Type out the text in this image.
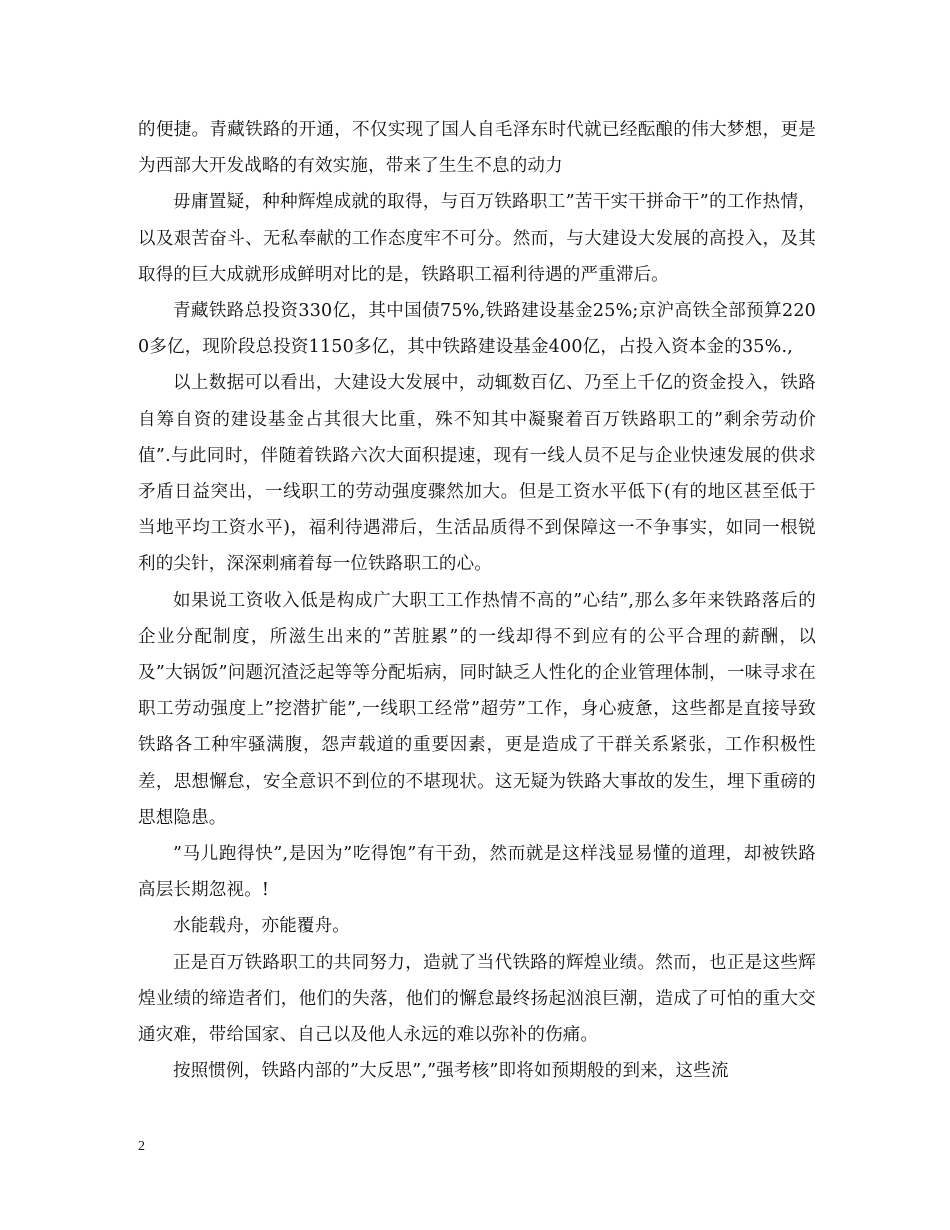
的便捷。青藏铁路的开通，不仅实现了国人自毛泽东时代就已经酝酿的伟大梦想，更是为西部大开发战略的有效实施，带来了生生不息的动力

毋庸置疑，种种辉煌成就的取得，与百万铁路职工”苦干实干拼命干”的工作热情，以及艰苦奋斗、无私奉献的工作态度牢不可分。然而，与大建设大发展的高投入，及其取得的巨大成就形成鲜明对比的是，铁路职工福利待遇的严重滞后。

青藏铁路总投资330亿，其中国债75%,铁路建设基金25%;京沪高铁全部预算2200多亿，现阶段总投资1150多亿，其中铁路建设基金400亿，占投入资本金的35%.,

以上数据可以看出，大建设大发展中，动辄数百亿、乃至上千亿的资金投入，铁路自筹自资的建设基金占其很大比重，殊不知其中凝聚着百万铁路职工的”剩余劳动价值”.与此同时，伴随着铁路六次大面积提速，现有一线人员不足与企业快速发展的供求矛盾日益突出，一线职工的劳动强度骤然加大。但是工资水平低下(有的地区甚至低于当地平均工资水平)，福利待遇滞后，生活品质得不到保障这一不争事实，如同一根锐利的尖针，深深刺痛着每一位铁路职工的心。

如果说工资收入低是构成广大职工工作热情不高的”心结”,那么多年来铁路落后的企业分配制度，所滋生出来的”苦脏累”的一线却得不到应有的公平合理的薪酬，以及”大锅饭”问题沉渣泛起等等分配垢病，同时缺乏人性化的企业管理体制，一味寻求在职工劳动强度上”挖潜扩能”,一线职工经常”超劳”工作，身心疲惫，这些都是直接导致铁路各工种牢骚满腹，怨声载道的重要因素，更是造成了干群关系紧张，工作积极性差，思想懈怠，安全意识不到位的不堪现状。这无疑为铁路大事故的发生，埋下重磅的思想隐患。

”马儿跑得快”,是因为”吃得饱”有干劲，然而就是这样浅显易懂的道理，却被铁路高层长期忽视。!

水能载舟，亦能覆舟。

正是百万铁路职工的共同努力，造就了当代铁路的辉煌业绩。然而，也正是这些辉煌业绩的缔造者们，他们的失落，他们的懈怠最终扬起汹浪巨潮，造成了可怕的重大交通灾难，带给国家、自己以及他人永远的难以弥补的伤痛。

按照惯例，铁路内部的”大反思”,”强考核”即将如预期般的到来，这些流

2
